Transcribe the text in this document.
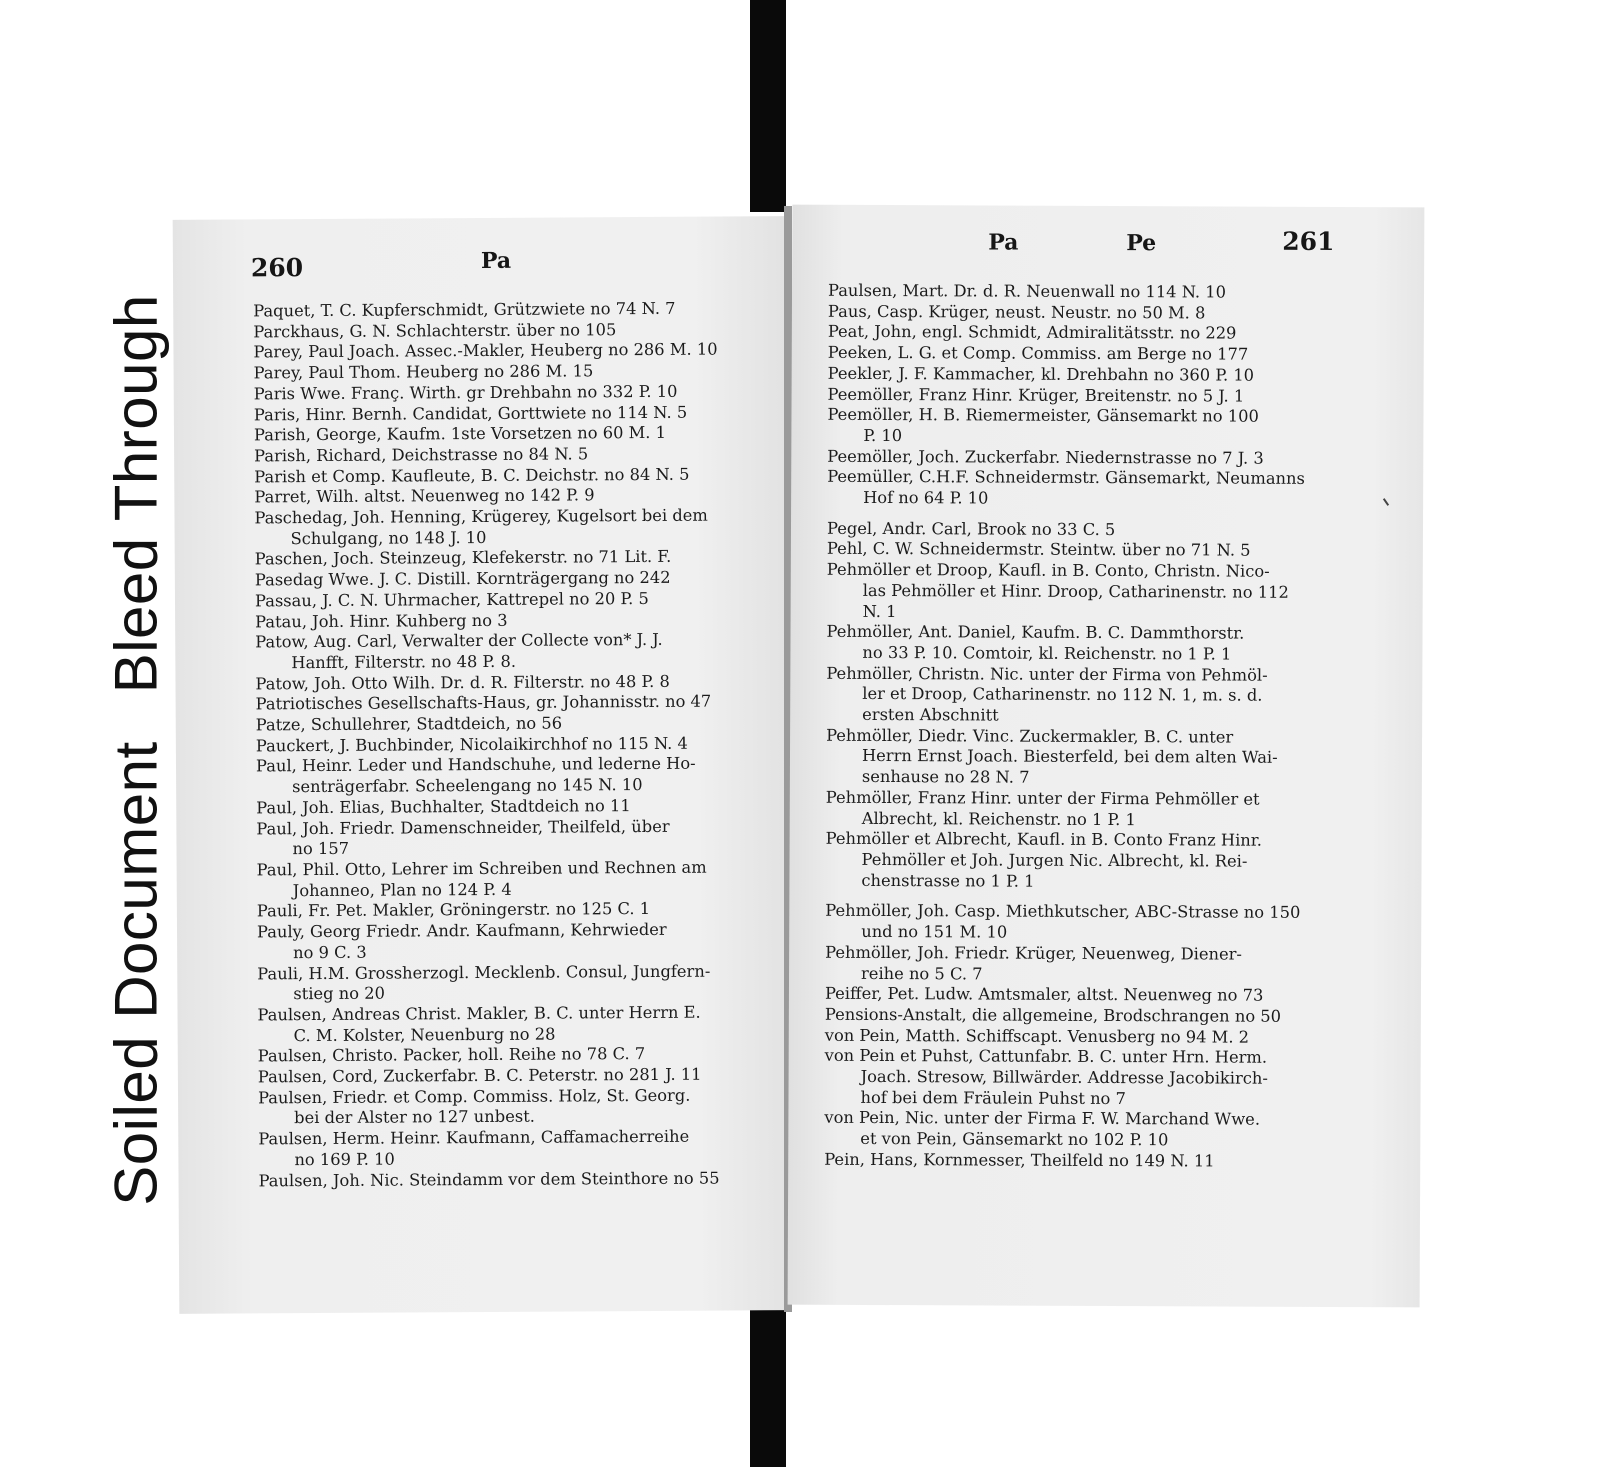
Soiled DocumentBleed Through
260	Pa
Paquet, T. C. Kupferschmidt, Grützwiete no 74 N. 7
Parckhaus, G. N. Schlachterstr. über no 105
Parey, Paul Joach. Assec.-Makler, Heuberg no 286 M. 10
Parey, Paul Thom. Heuberg no 286 M. 15
Paris Wwe. Franç. Wirth. gr Drehbahn no 332 P. 10
Paris, Hinr. Bernh. Candidat, Gorttwiete no 114 N. 5
Parish, George, Kaufm. 1ste Vorsetzen no 60 M. 1
Parish, Richard, Deichstrasse no 84 N. 5
Parish et Comp. Kaufleute, B. C. Deichstr. no 84 N. 5
Parret, Wilh. altst. Neuenweg no 142 P. 9
Paschedag, Joh. Henning, Krügerey, Kugelsort bei dem
Schulgang, no 148 J. 10
Paschen, Joch. Steinzeug, Klefekerstr. no 71 Lit. F.
Pasedag Wwe. J. C. Distill. Kornträgergang no 242
Passau, J. C. N. Uhrmacher, Kattrepel no 20 P. 5
Patau, Joh. Hinr. Kuhberg no 3
Patow, Aug. Carl, Verwalter der Collecte von* J. J.
Hanfft, Filterstr. no 48 P. 8.
Patow, Joh. Otto Wilh. Dr. d. R. Filterstr. no 48 P. 8
Patriotisches Gesellschafts-Haus, gr. Johannisstr. no 47
Patze, Schullehrer, Stadtdeich, no 56
Pauckert, J. Buchbinder, Nicolaikirchhof no 115 N. 4
Paul, Heinr. Leder und Handschuhe, und lederne Ho-
senträgerfabr. Scheelengang no 145 N. 10
Paul, Joh. Elias, Buchhalter, Stadtdeich no 11
Paul, Joh. Friedr. Damenschneider, Theilfeld, über
no 157
Paul, Phil. Otto, Lehrer im Schreiben und Rechnen am
Johanneo, Plan no 124 P. 4
Pauli, Fr. Pet. Makler, Gröningerstr. no 125 C. 1
Pauly, Georg Friedr. Andr. Kaufmann, Kehrwieder
no 9 C. 3
Pauli, H.M. Grossherzogl. Mecklenb. Consul, Jungfern-
stieg no 20
Paulsen, Andreas Christ. Makler, B. C. unter Herrn E.
C. M. Kolster, Neuenburg no 28
Paulsen, Christo. Packer, holl. Reihe no 78 C. 7
Paulsen, Cord, Zuckerfabr. B. C. Peterstr. no 281 J. 11
Paulsen, Friedr. et Comp. Commiss. Holz, St. Georg.
bei der Alster no 127 unbest.
Paulsen, Herm. Heinr. Kaufmann, Caffamacherreihe
no 169 P. 10
Paulsen, Joh. Nic. Steindamm vor dem Steinthore no 55
Pa	Pe	261
Paulsen, Mart. Dr. d. R. Neuenwall no 114 N. 10
Paus, Casp. Krüger, neust. Neustr. no 50 M. 8
Peat, John, engl. Schmidt, Admiralitätsstr. no 229
Peeken, L. G. et Comp. Commiss. am Berge no 177
Peekler, J. F. Kammacher, kl. Drehbahn no 360 P. 10
Peemöller, Franz Hinr. Krüger, Breitenstr. no 5 J. 1
Peemöller, H. B. Riemermeister, Gänsemarkt no 100
P. 10
Peemöller, Joch. Zuckerfabr. Niedernstrasse no 7 J. 3
Peemüller, C.H.F. Schneidermstr. Gänsemarkt, Neumanns
Hof no 64 P. 10
Pegel, Andr. Carl, Brook no 33 C. 5
Pehl, C. W. Schneidermstr. Steintw. über no 71 N. 5
Pehmöller et Droop, Kaufl. in B. Conto, Christn. Nico-
las Pehmöller et Hinr. Droop, Catharinenstr. no 112
N. 1
Pehmöller, Ant. Daniel, Kaufm. B. C. Dammthorstr.
no 33 P. 10. Comtoir, kl. Reichenstr. no 1 P. 1
Pehmöller, Christn. Nic. unter der Firma von Pehmöl-
ler et Droop, Catharinenstr. no 112 N. 1, m. s. d.
ersten Abschnitt
Pehmöller, Diedr. Vinc. Zuckermakler, B. C. unter
Herrn Ernst Joach. Biesterfeld, bei dem alten Wai-
senhause no 28 N. 7
Pehmöller, Franz Hinr. unter der Firma Pehmöller et
Albrecht, kl. Reichenstr. no 1 P. 1
Pehmöller et Albrecht, Kaufl. in B. Conto Franz Hinr.
Pehmöller et Joh. Jurgen Nic. Albrecht, kl. Rei-
chenstrasse no 1 P. 1
Pehmöller, Joh. Casp. Miethkutscher, ABC-Strasse no 150
und no 151 M. 10
Pehmöller, Joh. Friedr. Krüger, Neuenweg, Diener-
reihe no 5 C. 7
Peiffer, Pet. Ludw. Amtsmaler, altst. Neuenweg no 73
Pensions-Anstalt, die allgemeine, Brodschrangen no 50
von Pein, Matth. Schiffscapt. Venusberg no 94 M. 2
von Pein et Puhst, Cattunfabr. B. C. unter Hrn. Herm.
Joach. Stresow, Billwärder. Addresse Jacobikirch-
hof bei dem Fräulein Puhst no 7
von Pein, Nic. unter der Firma F. W. Marchand Wwe.
et von Pein, Gänsemarkt no 102 P. 10
Pein, Hans, Kornmesser, Theilfeld no 149 N. 11
